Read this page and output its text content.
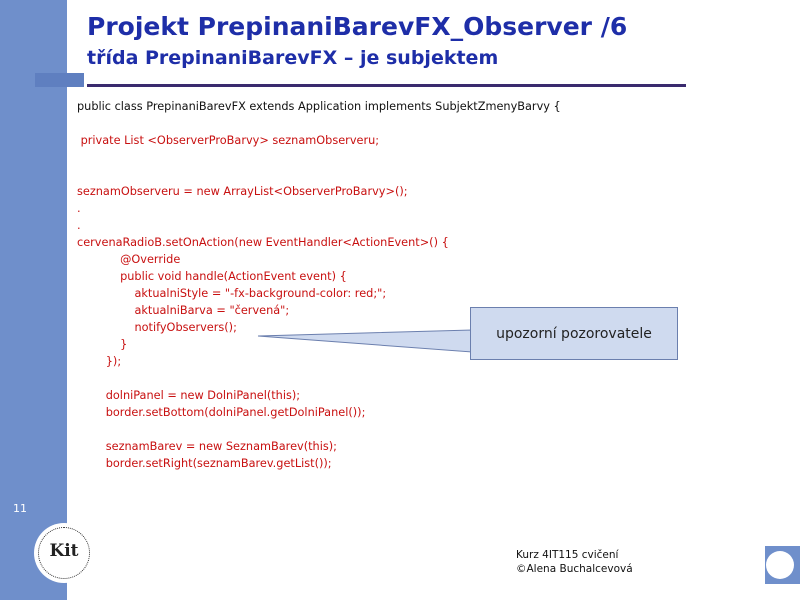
Projekt PrepinaniBarevFX_Observer /6
třída PrepinaniBarevFX – je subjektem
public class PrepinaniBarevFX extends Application implements SubjektZmenyBarvy {
private List <ObserverProBarvy> seznamObserveru;
seznamObserveru = new ArrayList<ObserverProBarvy>();
.
.
cervenaRadioB.setOnAction(new EventHandler<ActionEvent>() {
@Override
public void handle(ActionEvent event) {
aktualniStyle = "-fx-background-color: red;";
aktualniBarva = "červená";
notifyObservers();
}
});
dolniPanel = new DolniPanel(this);
border.setBottom(dolniPanel.getDolniPanel());
seznamBarev = new SeznamBarev(this);
border.setRight(seznamBarev.getList());
upozorní pozorovatele
11
Kit	Kurz 4IT115 cvičení
©Alena Buchalcevová
